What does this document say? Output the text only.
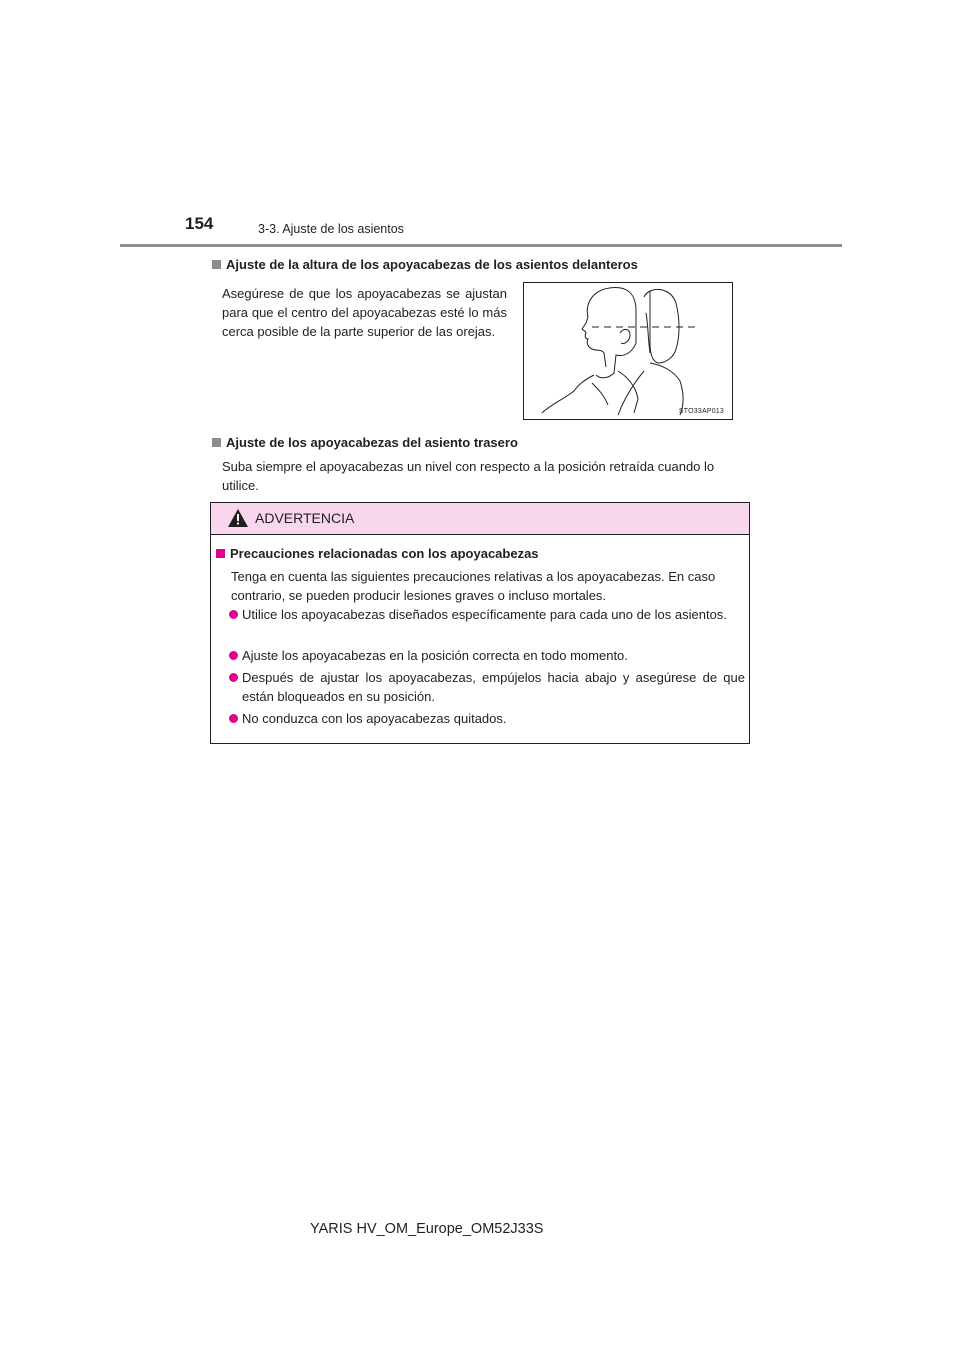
154	3-3. Ajuste de los asientos
Ajuste de la altura de los apoyacabezas de los asientos delanteros
Asegúrese de que los apoyacabezas se ajustan para que el centro del apoyacabezas esté lo más cerca posible de la parte superior de las orejas.
STO33AP013
Ajuste de los apoyacabezas del asiento trasero
Suba siempre el apoyacabezas un nivel con respecto a la posición retraída cuando lo utilice.
ADVERTENCIA
Precauciones relacionadas con los apoyacabezas
Tenga en cuenta las siguientes precauciones relativas a los apoyacabezas. En caso contrario, se pueden producir lesiones graves o incluso mortales.
Utilice los apoyacabezas diseñados específicamente para cada uno de los asientos.
Ajuste los apoyacabezas en la posición correcta en todo momento.
Después de ajustar los apoyacabezas, empújelos hacia abajo y asegúrese de que están bloqueados en su posición.
No conduzca con los apoyacabezas quitados.
YARIS HV_OM_Europe_OM52J33S
